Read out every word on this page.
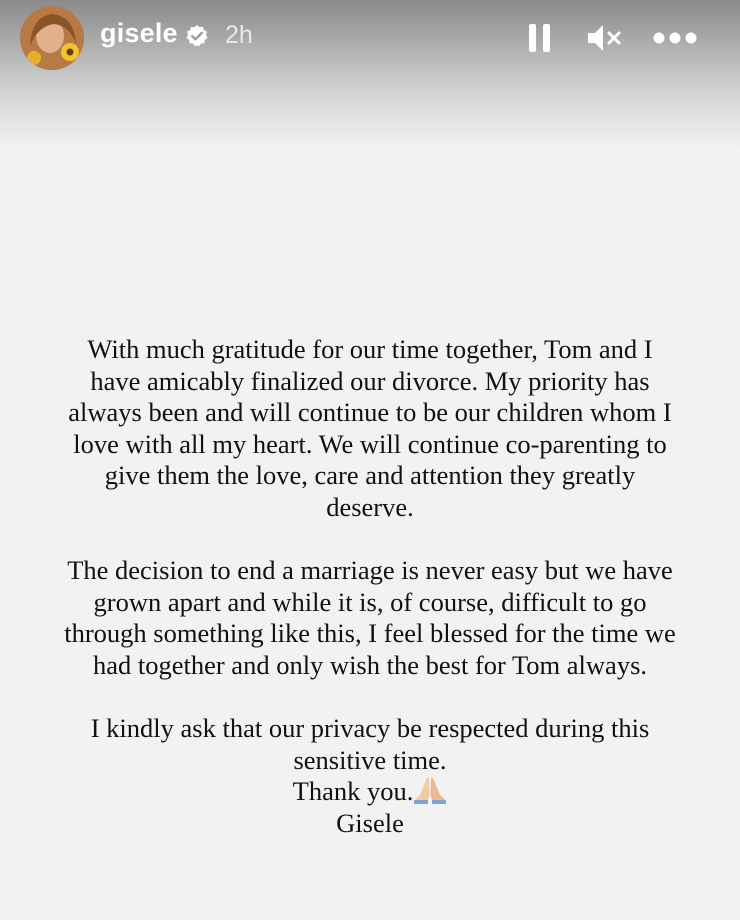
gisele 2h

With much gratitude for our time together, Tom and I have amicably finalized our divorce. My priority has always been and will continue to be our children whom I love with all my heart. We will continue co-parenting to give them the love, care and attention they greatly deserve.

The decision to end a marriage is never easy but we have grown apart and while it is, of course, difficult to go through something like this, I feel blessed for the time we had together and only wish the best for Tom always.

I kindly ask that our privacy be respected during this sensitive time.

Thank you.

Gisele
